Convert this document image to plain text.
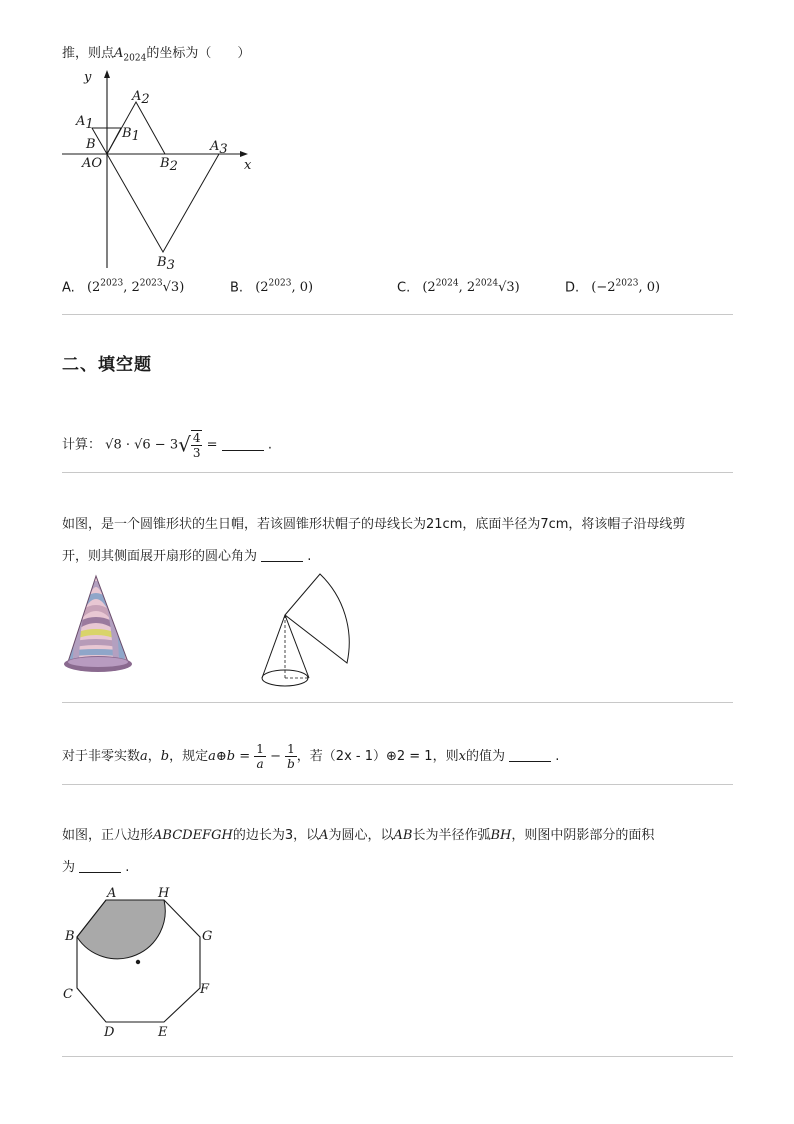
推，则点$A_{2024}$的坐标为（　　）
y
x
A1
A2
A3
B
B1
B2
B3
AO
A. ($2^{2023}$, $2^{2023}√3$)	B. ($2^{2023}$, 0)	C. ($2^{2024}$, $2^{2024}√3$)	D. ($-2^{2023}$, 0)
二、填空题
计算： $√8 \cdot √6 - 3√ \frac{4}{3}$ =	.
如图，是一个圆锥形状的生日帽，若该圆锥形状帽子的母线长为21cm，底面半径为7cm，将该帽子沿母线剪
开，则其侧面展开扇形的圆心角为	.
对于非零实数a，b，规定a⊕b = $\frac{1}{a} - \frac{1}{b}$ ，若（2x - 1）⊕2 = 1，则x的值为	.
如图，正八边形ABCDEFGH的边长为3，以A为圆心，以AB长为半径作弧BH，则图中阴影部分的面积
为	.
A	H
B	G
C	F
D	E
